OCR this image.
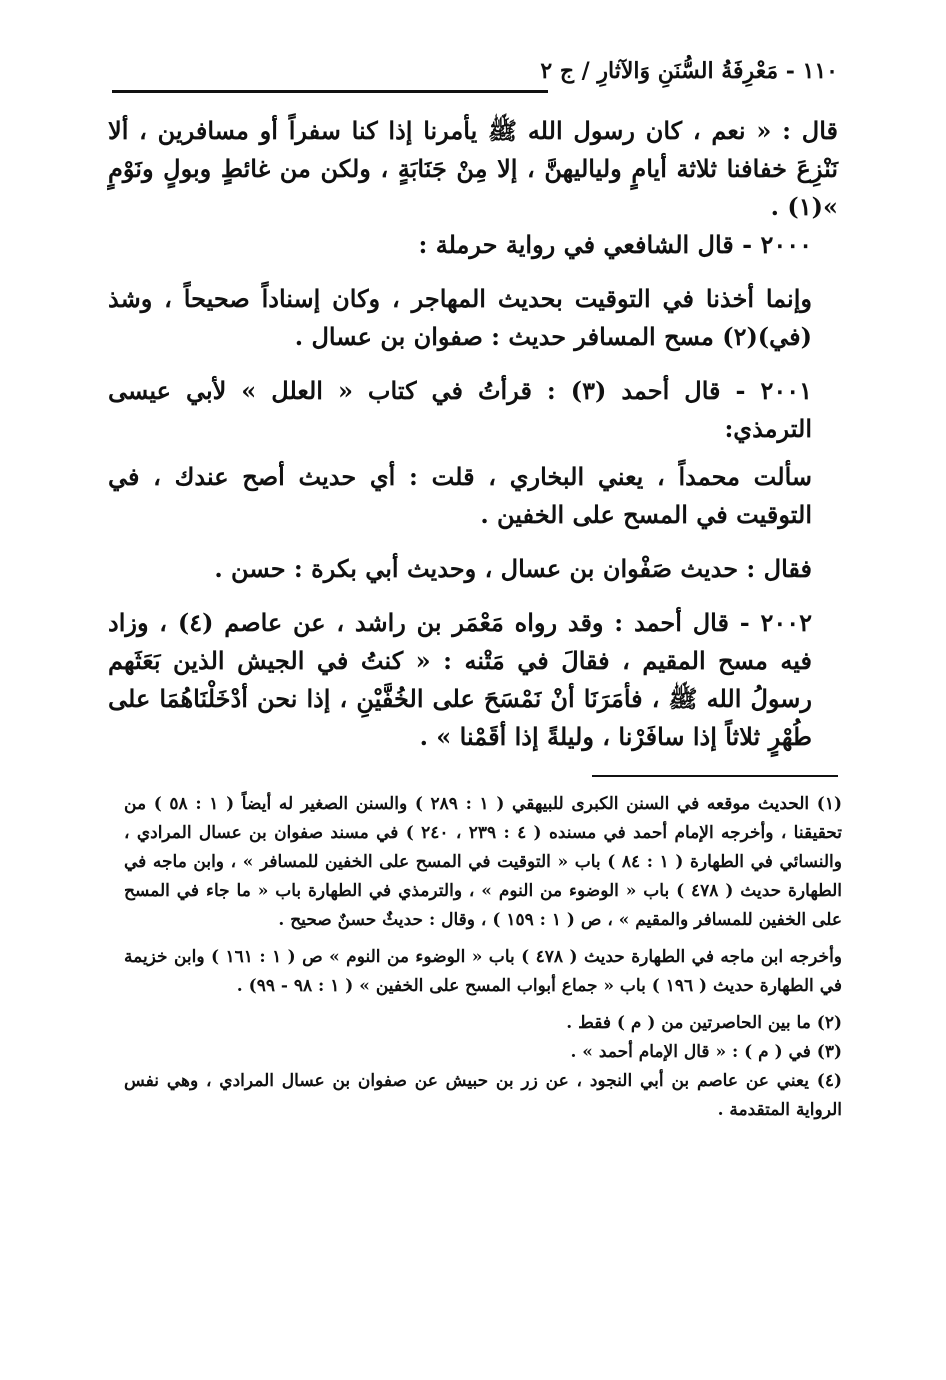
١١٠ - مَعْرِفَةُ السُّنَنِ وَالآثارِ / ج ٢

قال : « نعم ، كان رسول الله ﷺ يأمرنا إذا كنا سفراً أو مسافرين ، ألا نَنْزِعَ خفافنا ثلاثة أيامٍ ولياليهنَّ ، إلا مِنْ جَنَابَةٍ ، ولكن من غائطٍ وبولٍ ونَوْمٍ »(١) .

٢٠٠٠ - قال الشافعي في رواية حرملة :

وإنما أخذنا في التوقيت بحديث المهاجر ، وكان إسناداً صحيحاً ، وشذ (في)(٢) مسح المسافر حديث : صفوان بن عسال .

٢٠٠١ - قال أحمد (٣) : قرأتُ في كتاب « العلل » لأبي عيسى الترمذي:

سألت محمداً ، يعني البخاري ، قلت : أي حديث أصح عندك ، في التوقيت في المسح على الخفين .

فقال : حديث صَفْوان بن عسال ، وحديث أبي بكرة : حسن .

٢٠٠٢ - قال أحمد : وقد رواه مَعْمَر بن راشد ، عن عاصم (٤) ، وزاد فيه مسح المقيم ، فقالَ في مَتْنه : « كنتُ في الجيش الذين بَعَثَهم رسولُ الله ﷺ ، فأمَرَنَا أنْ نَمْسَحَ على الخُفَّيْنِ ، إذا نحن أدْخَلْنَاهُمَا على طُهْرٍ ثلاثاً إذا سافَرْنا ، وليلةً إذا أقَمْنا » .

(١) الحديث موقعه في السنن الكبرى للبيهقي ( ١ : ٢٨٩ ) والسنن الصغير له أيضاً ( ١ : ٥٨ ) من تحقيقنا ، وأخرجه الإمام أحمد في مسنده ( ٤ : ٢٣٩ ، ٢٤٠ ) في مسند صفوان بن عسال المرادي ، والنسائي في الطهارة ( ١ : ٨٤ ) باب « التوقيت في المسح على الخفين للمسافر » ، وابن ماجه في الطهارة حديث ( ٤٧٨ ) باب « الوضوء من النوم » ، والترمذي في الطهارة باب « ما جاء في المسح على الخفين للمسافر والمقيم » ، ص ( ١ : ١٥٩ ) ، وقال : حديثٌ حسنٌ صحيح .

وأخرجه ابن ماجه في الطهارة حديث ( ٤٧٨ ) باب « الوضوء من النوم » ص ( ١ : ١٦١ ) وابن خزيمة في الطهارة حديث ( ١٩٦ ) باب « جماع أبواب المسح على الخفين » ( ١ : ٩٨ - ٩٩) .

(٢) ما بين الحاصرتين من ( م ) فقط .

(٣) في ( م ) : « قال الإمام أحمد » .

(٤) يعني عن عاصم بن أبي النجود ، عن زر بن حبيش عن صفوان بن عسال المرادي ، وهي نفس الرواية المتقدمة .
